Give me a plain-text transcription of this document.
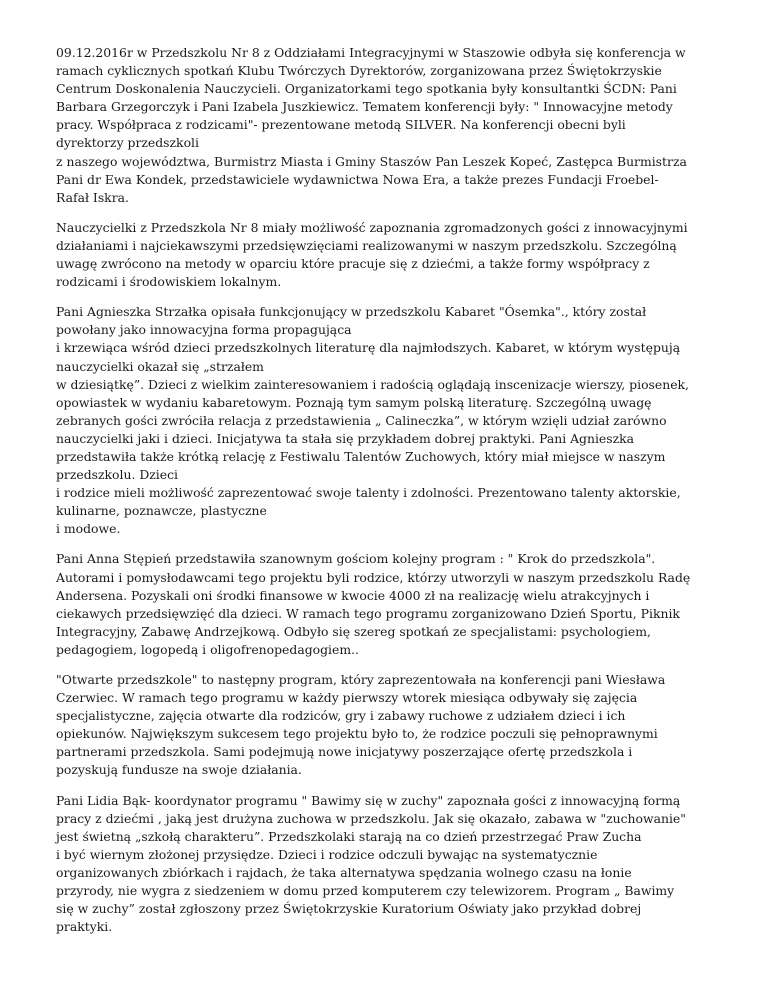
09.12.2016r w Przedszkolu Nr 8 z Oddziałami Integracyjnymi w Staszowie odbyła się konferencja w
ramach cyklicznych spotkań Klubu Twórczych Dyrektorów, zorganizowana przez Świętokrzyskie
Centrum Doskonalenia Nauczycieli. Organizatorkami tego spotkania były konsultantki ŚCDN: Pani
Barbara Grzegorczyk i Pani Izabela Juszkiewicz. Tematem konferencji były: " Innowacyjne metody
pracy. Współpraca z rodzicami"- prezentowane metodą SILVER. Na konferencji obecni byli
dyrektorzy przedszkoli
z naszego województwa, Burmistrz Miasta i Gminy Staszów Pan Leszek Kopeć, Zastępca Burmistrza
Pani dr Ewa Kondek, przedstawiciele wydawnictwa Nowa Era, a także prezes Fundacji Froebel-
Rafał Iskra.

Nauczycielki z Przedszkola Nr 8 miały możliwość zapoznania zgromadzonych gości z innowacyjnymi
działaniami i najciekawszymi przedsięwzięciami realizowanymi w naszym przedszkolu. Szczególną
uwagę zwrócono na metody w oparciu które pracuje się z dziećmi, a także formy współpracy z
rodzicami i środowiskiem lokalnym.

Pani Agnieszka Strzałka opisała funkcjonujący w przedszkolu Kabaret "Ósemka"., który został
powołany jako innowacyjna forma propagująca
i krzewiąca wśród dzieci przedszkolnych literaturę dla najmłodszych. Kabaret, w którym występują
nauczycielki okazał się „strzałem
w dziesiątkę”. Dzieci z wielkim zainteresowaniem i radością oglądają inscenizacje wierszy, piosenek,
opowiastek w wydaniu kabaretowym. Poznają tym samym polską literaturę. Szczególną uwagę
zebranych gości zwróciła relacja z przedstawienia „ Calineczka”, w którym wzięli udział zarówno
nauczycielki jaki i dzieci. Inicjatywa ta stała się przykładem dobrej praktyki. Pani Agnieszka
przedstawiła także krótką relację z Festiwalu Talentów Zuchowych, który miał miejsce w naszym
przedszkolu. Dzieci
i rodzice mieli możliwość zaprezentować swoje talenty i zdolności. Prezentowano talenty aktorskie,
kulinarne, poznawcze, plastyczne
i modowe.

Pani Anna Stępień przedstawiła szanownym gościom kolejny program : " Krok do przedszkola".
Autorami i pomysłodawcami tego projektu byli rodzice, którzy utworzyli w naszym przedszkolu Radę
Andersena. Pozyskali oni środki finansowe w kwocie 4000 zł na realizację wielu atrakcyjnych i
ciekawych przedsięwzięć dla dzieci. W ramach tego programu zorganizowano Dzień Sportu, Piknik
Integracyjny, Zabawę Andrzejkową. Odbyło się szereg spotkań ze specjalistami: psychologiem,
pedagogiem, logopedą i oligofrenopedagogiem..

"Otwarte przedszkole" to następny program, który zaprezentowała na konferencji pani Wiesława
Czerwiec. W ramach tego programu w każdy pierwszy wtorek miesiąca odbywały się zajęcia
specjalistyczne, zajęcia otwarte dla rodziców, gry i zabawy ruchowe z udziałem dzieci i ich
opiekunów. Największym sukcesem tego projektu było to, że rodzice poczuli się pełnoprawnymi
partnerami przedszkola. Sami podejmują nowe inicjatywy poszerzające ofertę przedszkola i
pozyskują fundusze na swoje działania.

Pani Lidia Bąk- koordynator programu " Bawimy się w zuchy" zapoznała gości z innowacyjną formą
pracy z dziećmi , jaką jest drużyna zuchowa w przedszkolu. Jak się okazało, zabawa w "zuchowanie"
jest świetną „szkołą charakteru”. Przedszkolaki starają na co dzień przestrzegać Praw Zucha
i być wiernym złożonej przysiędze. Dzieci i rodzice odczuli bywając na systematycznie
organizowanych zbiórkach i rajdach, że taka alternatywa spędzania wolnego czasu na łonie
przyrody, nie wygra z siedzeniem w domu przed komputerem czy telewizorem. Program „ Bawimy
się w zuchy” został zgłoszony przez Świętokrzyskie Kuratorium Oświaty jako przykład dobrej
praktyki.
